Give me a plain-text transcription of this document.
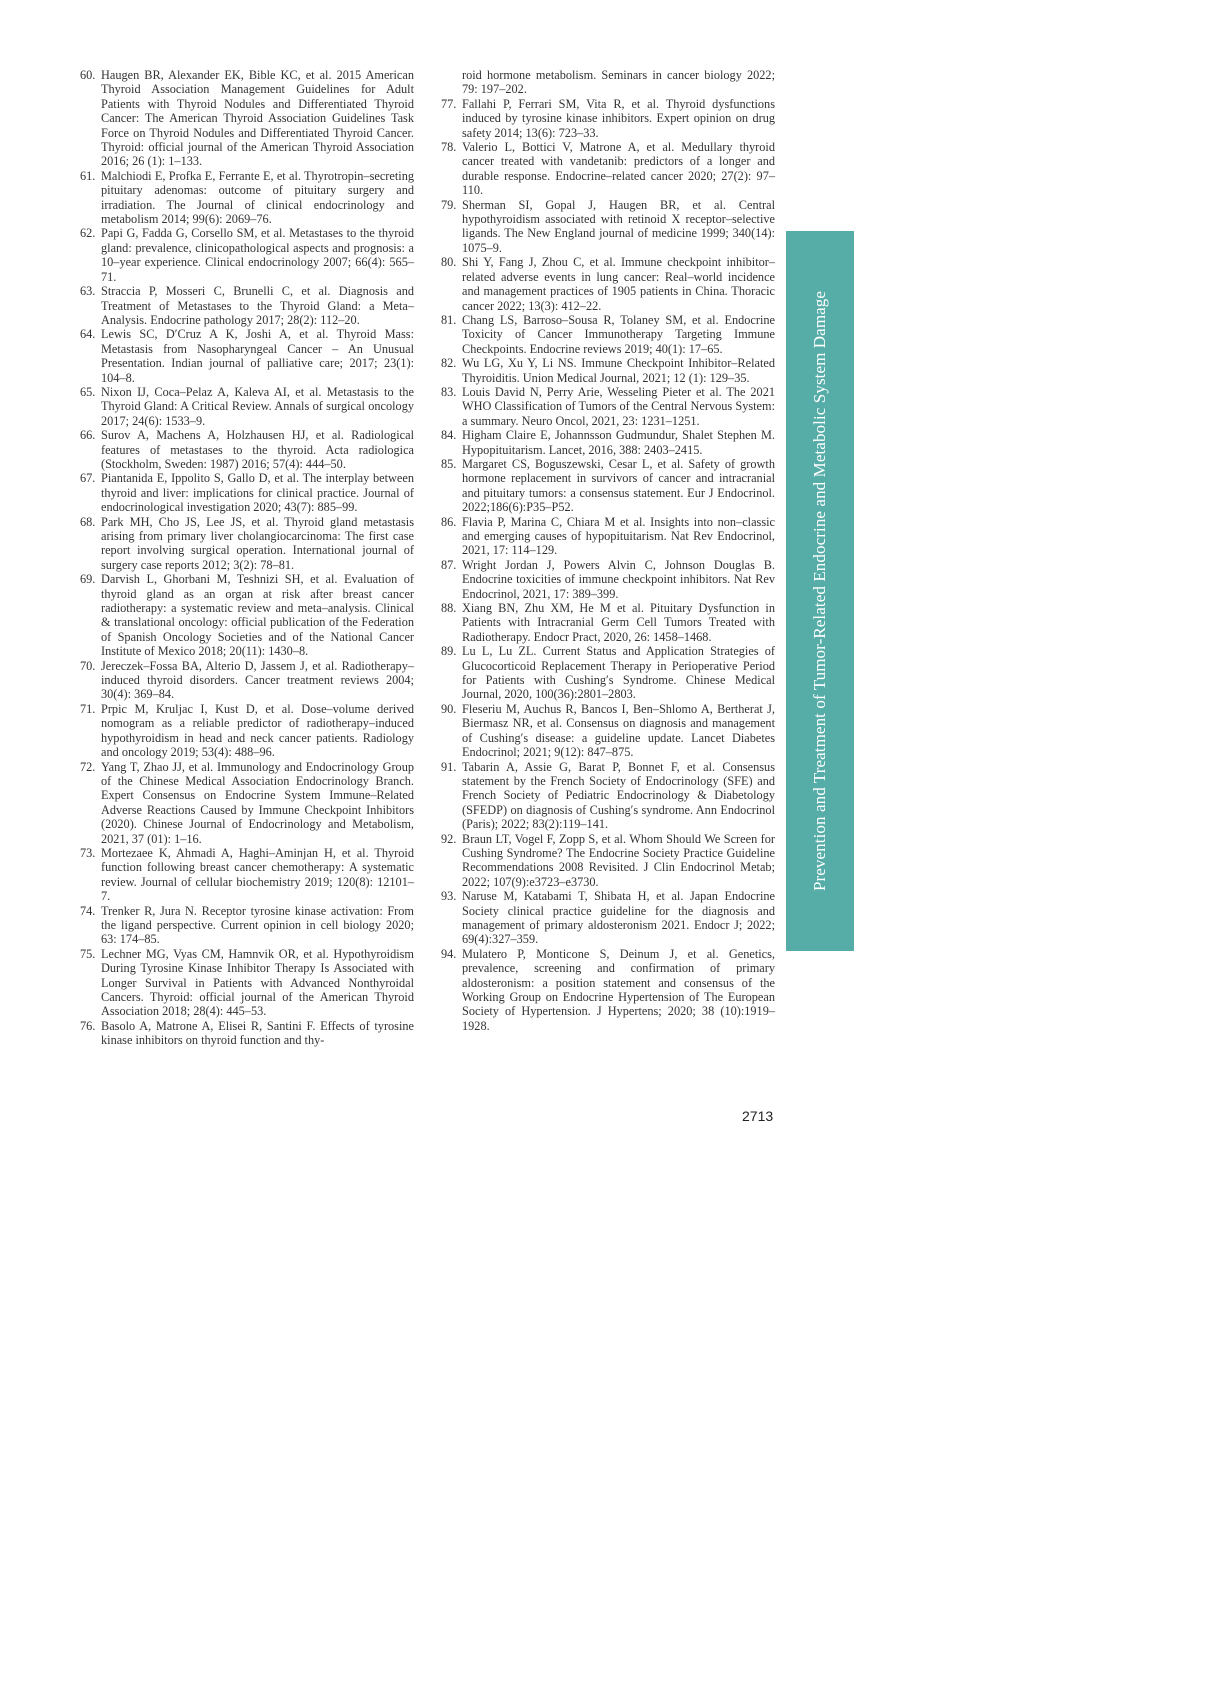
60. Haugen BR, Alexander EK, Bible KC, et al. 2015 American Thyroid Association Management Guidelines for Adult Patients with Thyroid Nodules and Differentiated Thyroid Cancer: The American Thyroid Association Guidelines Task Force on Thyroid Nodules and Differentiated Thyroid Cancer. Thyroid: official journal of the American Thyroid Association 2016; 26 (1): 1–133.
61. Malchiodi E, Profka E, Ferrante E, et al. Thyrotropin–secreting pituitary adenomas: outcome of pituitary surgery and irradiation. The Journal of clinical endocrinology and metabolism 2014; 99(6): 2069–76.
62. Papi G, Fadda G, Corsello SM, et al. Metastases to the thyroid gland: prevalence, clinicopathological aspects and prognosis: a 10–year experience. Clinical endocrinology 2007; 66(4): 565–71.
63. Straccia P, Mosseri C, Brunelli C, et al. Diagnosis and Treatment of Metastases to the Thyroid Gland: a Meta–Analysis. Endocrine pathology 2017; 28(2): 112–20.
64. Lewis SC, D′Cruz A K, Joshi A, et al. Thyroid Mass: Metastasis from Nasopharyngeal Cancer – An Unusual Presentation. Indian journal of palliative care; 2017; 23(1): 104–8.
65. Nixon IJ, Coca–Pelaz A, Kaleva AI, et al. Metastasis to the Thyroid Gland: A Critical Review. Annals of surgical oncology 2017; 24(6): 1533–9.
66. Surov A, Machens A, Holzhausen HJ, et al. Radiological features of metastases to the thyroid. Acta radiologica (Stockholm, Sweden: 1987) 2016; 57(4): 444–50.
67. Piantanida E, Ippolito S, Gallo D, et al. The interplay between thyroid and liver: implications for clinical practice. Journal of endocrinological investigation 2020; 43(7): 885–99.
68. Park MH, Cho JS, Lee JS, et al. Thyroid gland metastasis arising from primary liver cholangiocarcinoma: The first case report involving surgical operation. International journal of surgery case reports 2012; 3(2): 78–81.
69. Darvish L, Ghorbani M, Teshnizi SH, et al. Evaluation of thyroid gland as an organ at risk after breast cancer radiotherapy: a systematic review and meta–analysis. Clinical & translational oncology: official publication of the Federation of Spanish Oncology Societies and of the National Cancer Institute of Mexico 2018; 20(11): 1430–8.
70. Jereczek–Fossa BA, Alterio D, Jassem J, et al. Radiotherapy–induced thyroid disorders. Cancer treatment reviews 2004; 30(4): 369–84.
71. Prpic M, Kruljac I, Kust D, et al. Dose–volume derived nomogram as a reliable predictor of radiotherapy–induced hypothyroidism in head and neck cancer patients. Radiology and oncology 2019; 53(4): 488–96.
72. Yang T, Zhao JJ, et al. Immunology and Endocrinology Group of the Chinese Medical Association Endocrinology Branch. Expert Consensus on Endocrine System Immune–Related Adverse Reactions Caused by Immune Checkpoint Inhibitors (2020). Chinese Journal of Endocrinology and Metabolism, 2021, 37 (01): 1–16.
73. Mortezaee K, Ahmadi A, Haghi–Aminjan H, et al. Thyroid function following breast cancer chemotherapy: A systematic review. Journal of cellular biochemistry 2019; 120(8): 12101–7.
74. Trenker R, Jura N. Receptor tyrosine kinase activation: From the ligand perspective. Current opinion in cell biology 2020; 63: 174–85.
75. Lechner MG, Vyas CM, Hamnvik OR, et al. Hypothyroidism During Tyrosine Kinase Inhibitor Therapy Is Associated with Longer Survival in Patients with Advanced Nonthyroidal Cancers. Thyroid: official journal of the American Thyroid Association 2018; 28(4): 445–53.
76. Basolo A, Matrone A, Elisei R, Santini F. Effects of tyrosine kinase inhibitors on thyroid function and thy-
roid hormone metabolism. Seminars in cancer biology 2022; 79: 197–202.
77. Fallahi P, Ferrari SM, Vita R, et al. Thyroid dysfunctions induced by tyrosine kinase inhibitors. Expert opinion on drug safety 2014; 13(6): 723–33.
78. Valerio L, Bottici V, Matrone A, et al. Medullary thyroid cancer treated with vandetanib: predictors of a longer and durable response. Endocrine–related cancer 2020; 27(2): 97–110.
79. Sherman SI, Gopal J, Haugen BR, et al. Central hypothyroidism associated with retinoid X receptor–selective ligands. The New England journal of medicine 1999; 340(14): 1075–9.
80. Shi Y, Fang J, Zhou C, et al. Immune checkpoint inhibitor–related adverse events in lung cancer: Real–world incidence and management practices of 1905 patients in China. Thoracic cancer 2022; 13(3): 412–22.
81. Chang LS, Barroso–Sousa R, Tolaney SM, et al. Endocrine Toxicity of Cancer Immunotherapy Targeting Immune Checkpoints. Endocrine reviews 2019; 40(1): 17–65.
82. Wu LG, Xu Y, Li NS. Immune Checkpoint Inhibitor–Related Thyroiditis. Union Medical Journal, 2021; 12 (1): 129–35.
83. Louis David N, Perry Arie, Wesseling Pieter et al. The 2021 WHO Classification of Tumors of the Central Nervous System: a summary. Neuro Oncol, 2021, 23: 1231–1251.
84. Higham Claire E, Johannsson Gudmundur, Shalet Stephen M. Hypopituitarism. Lancet, 2016, 388: 2403–2415.
85. Margaret CS, Boguszewski, Cesar L, et al. Safety of growth hormone replacement in survivors of cancer and intracranial and pituitary tumors: a consensus statement. Eur J Endocrinol. 2022;186(6):P35–P52.
86. Flavia P, Marina C, Chiara M et al. Insights into non–classic and emerging causes of hypopituitarism. Nat Rev Endocrinol, 2021, 17: 114–129.
87. Wright Jordan J, Powers Alvin C, Johnson Douglas B. Endocrine toxicities of immune checkpoint inhibitors. Nat Rev Endocrinol, 2021, 17: 389–399.
88. Xiang BN, Zhu XM, He M et al. Pituitary Dysfunction in Patients with Intracranial Germ Cell Tumors Treated with Radiotherapy. Endocr Pract, 2020, 26: 1458–1468.
89. Lu L, Lu ZL. Current Status and Application Strategies of Glucocorticoid Replacement Therapy in Perioperative Period for Patients with Cushing′s Syndrome. Chinese Medical Journal, 2020, 100(36):2801–2803.
90. Fleseriu M, Auchus R, Bancos I, Ben–Shlomo A, Bertherat J, Biermasz NR, et al. Consensus on diagnosis and management of Cushing′s disease: a guideline update. Lancet Diabetes Endocrinol; 2021; 9(12): 847–875.
91. Tabarin A, Assie G, Barat P, Bonnet F, et al. Consensus statement by the French Society of Endocrinology (SFE) and French Society of Pediatric Endocrinology & Diabetology (SFEDP) on diagnosis of Cushing′s syndrome. Ann Endocrinol (Paris); 2022; 83(2):119–141.
92. Braun LT, Vogel F, Zopp S, et al. Whom Should We Screen for Cushing Syndrome? The Endocrine Society Practice Guideline Recommendations 2008 Revisited. J Clin Endocrinol Metab; 2022; 107(9):e3723–e3730.
93. Naruse M, Katabami T, Shibata H, et al. Japan Endocrine Society clinical practice guideline for the diagnosis and management of primary aldosteronism 2021. Endocr J; 2022; 69(4):327–359.
94. Mulatero P, Monticone S, Deinum J, et al. Genetics, prevalence, screening and confirmation of primary aldosteronism: a position statement and consensus of the Working Group on Endocrine Hypertension of The European Society of Hypertension. J Hypertens; 2020; 38 (10):1919–1928.
Prevention and Treatment of Tumor-Related Endocrine and Metabolic System Damage
2713
